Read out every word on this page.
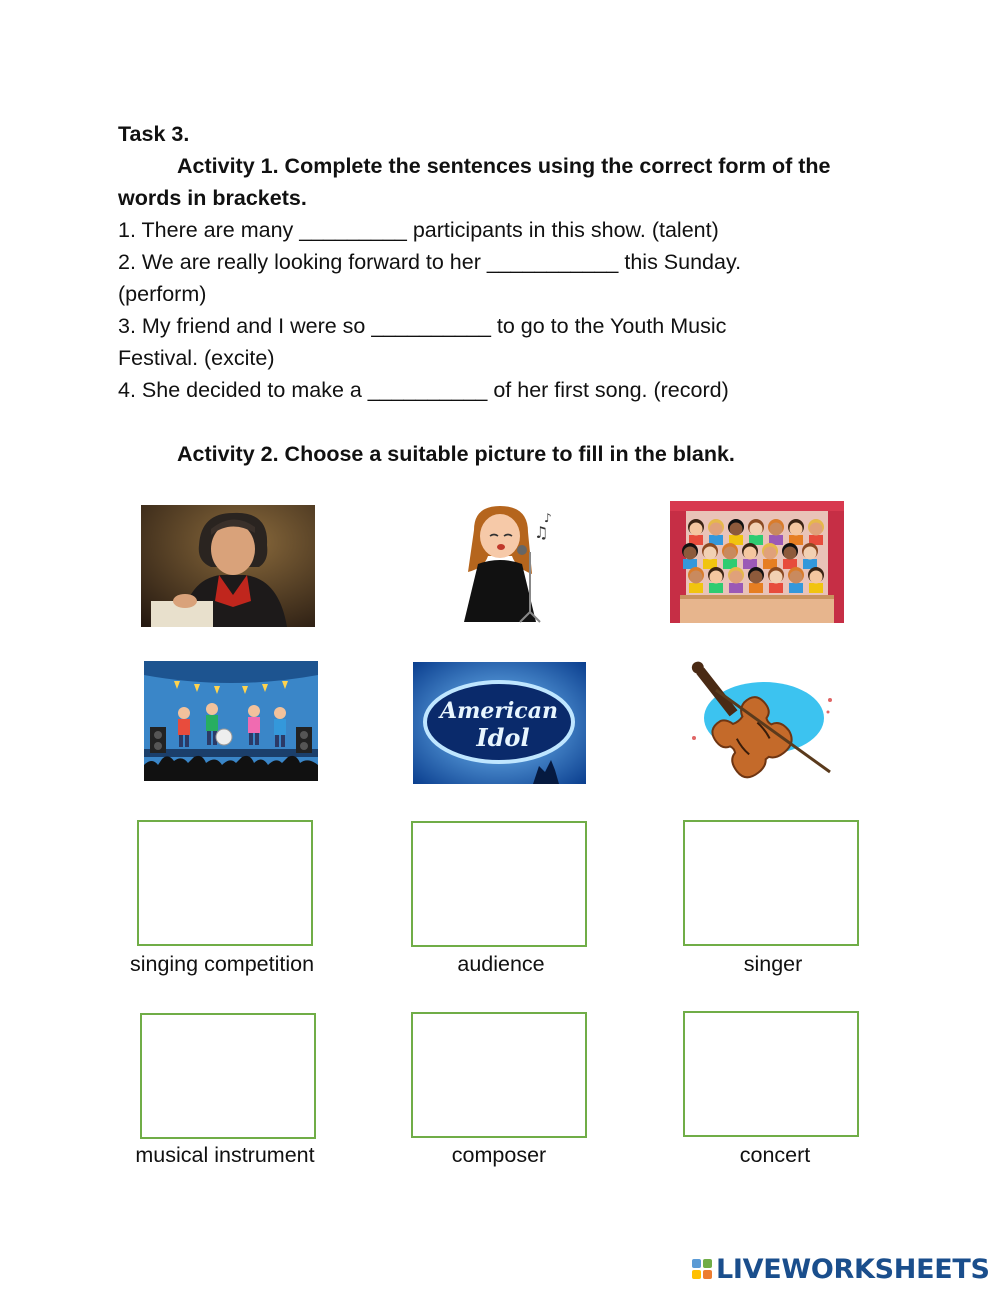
Task 3.
Activity 1. Complete the sentences using the correct form of the
words in brackets.
1. There are many _________ participants in this show. (talent)
2. We are really looking forward to her ___________ this Sunday.
(perform)
3. My friend and I were so __________ to go to the Youth Music
Festival. (excite)
4. She decided to make a __________ of her first song. (record)
Activity 2. Choose a suitable picture to fill in the blank.
♫
♪
American
Idol
singing competition	audience	singer
musical instrument	composer	concert
LIVEWORKSHEETS
